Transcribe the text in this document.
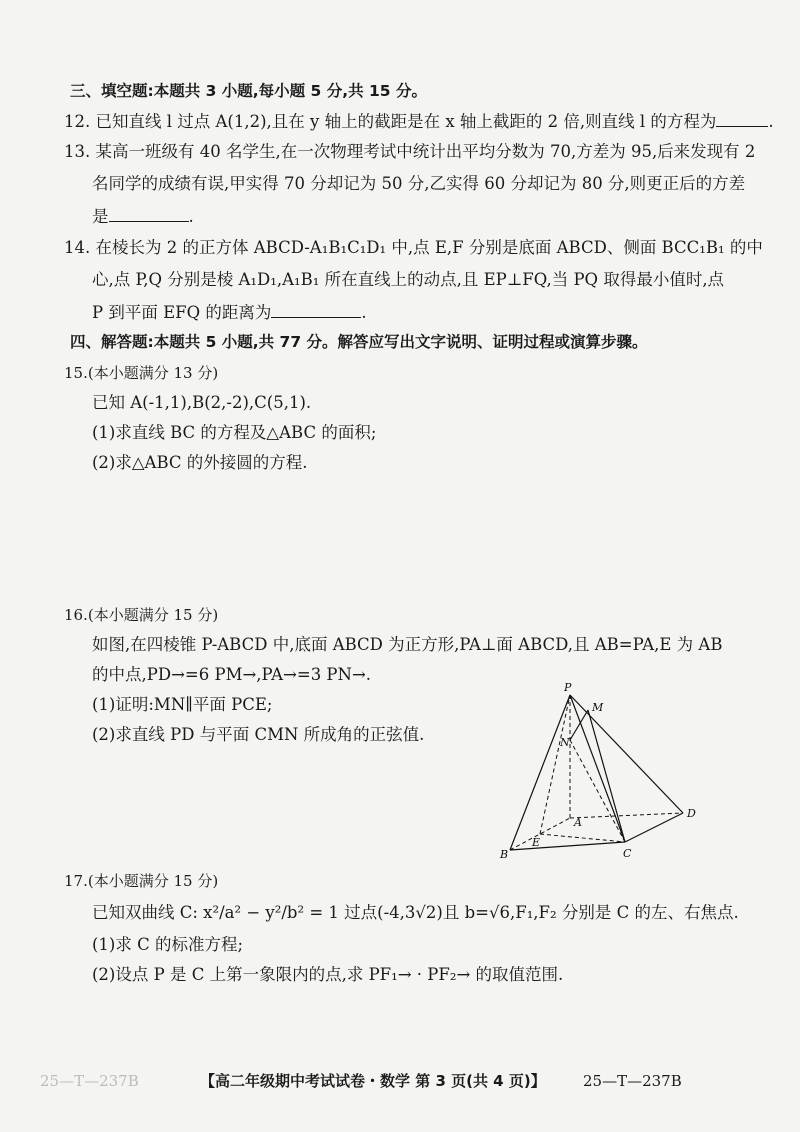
三、填空题:本题共 3 小题,每小题 5 分,共 15 分。
12. 已知直线 l 过点 A(1,2),且在 y 轴上的截距是在 x 轴上截距的 2 倍,则直线 l 的方程为	.
13. 某高一班级有 40 名学生,在一次物理考试中统计出平均分数为 70,方差为 95,后来发现有 2
名同学的成绩有误,甲实得 70 分却记为 50 分,乙实得 60 分却记为 80 分,则更正后的方差
是	.
14. 在棱长为 2 的正方体 ABCD-A₁B₁C₁D₁ 中,点 E,F 分别是底面 ABCD、侧面 BCC₁B₁ 的中
心,点 P,Q 分别是棱 A₁D₁,A₁B₁ 所在直线上的动点,且 EP⊥FQ,当 PQ 取得最小值时,点
P 到平面 EFQ 的距离为	.
四、解答题:本题共 5 小题,共 77 分。解答应写出文字说明、证明过程或演算步骤。
15.(本小题满分 13 分)
已知 A(-1,1),B(2,-2),C(5,1).
(1)求直线 BC 的方程及△ABC 的面积;
(2)求△ABC 的外接圆的方程.
16.(本小题满分 15 分)
如图,在四棱锥 P-ABCD 中,底面 ABCD 为正方形,PA⊥面 ABCD,且 AB=PA,E 为 AB
的中点,PD→=6 PM→,PA→=3 PN→.
(1)证明:MN∥平面 PCE;
(2)求直线 PD 与平面 CMN 所成角的正弦值.
P
M
N
A
D
B
E
C
17.(本小题满分 15 分)
已知双曲线 C: x²/a² − y²/b² = 1 过点(-4,3√2)且 b=√6,F₁,F₂ 分别是 C 的左、右焦点.
(1)求 C 的标准方程;
(2)设点 P 是 C 上第一象限内的点,求 PF₁→ · PF₂→ 的取值范围.
25—T—237B	【高二年级期中考试试卷・数学 第 3 页(共 4 页)】 25—T—237B
